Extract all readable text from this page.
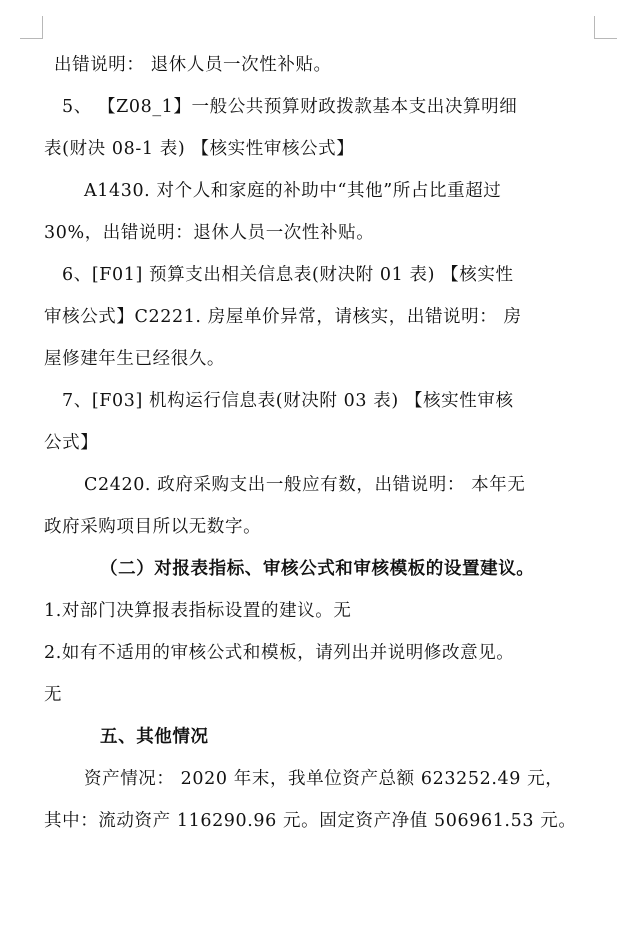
出错说明： 退休人员一次性补贴。
5、 【Z08_1】一般公共预算财政拨款基本支出决算明细
表(财决 08-1 表) 【核实性审核公式】
A1430. 对个人和家庭的补助中“其他”所占比重超过
30%，出错说明：退休人员一次性补贴。
6、[F01] 预算支出相关信息表(财决附 01 表) 【核实性
审核公式】C2221. 房屋单价异常，请核实，出错说明： 房
屋修建年生已经很久。
7、[F03] 机构运行信息表(财决附 03 表) 【核实性审核
公式】
C2420. 政府采购支出一般应有数，出错说明： 本年无
政府采购项目所以无数字。
（二）对报表指标、审核公式和审核模板的设置建议。
1.对部门决算报表指标设置的建议。无
2.如有不适用的审核公式和模板，请列出并说明修改意见。
无
五、其他情况
资产情况： 2020 年末，我单位资产总额 623252.49 元，
其中：流动资产 116290.96 元。固定资产净值 506961.53 元。
